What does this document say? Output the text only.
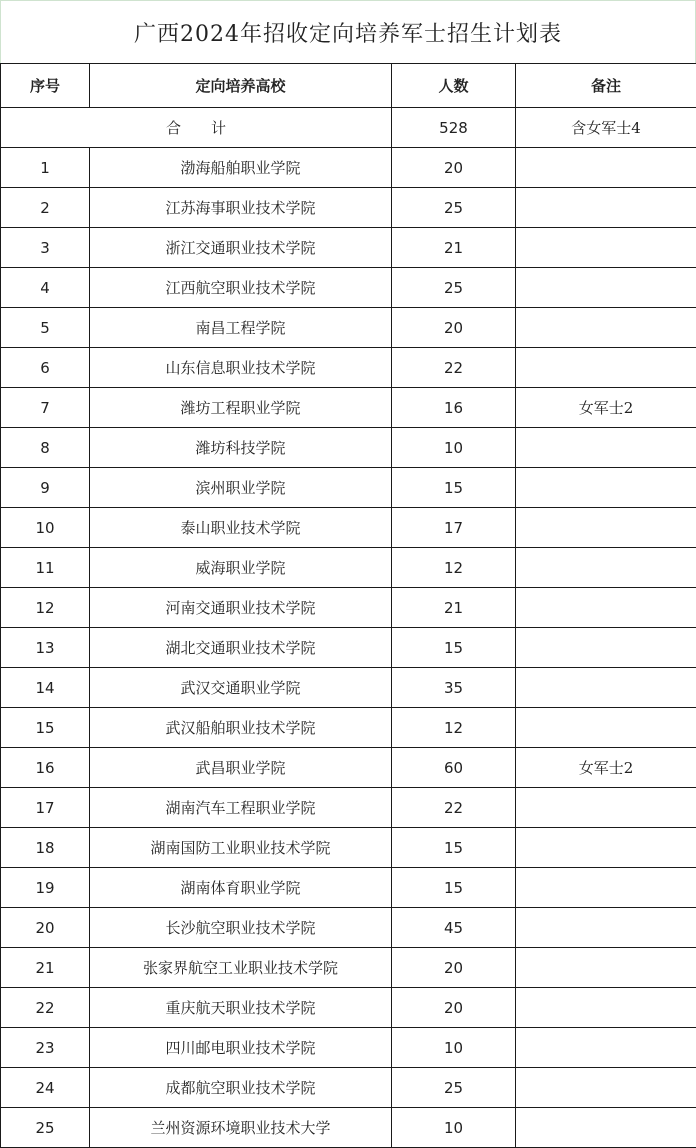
广西2024年招收定向培养军士招生计划表
序号	定向培养高校	人数	备注
合　　计		528	含女军士4
1	渤海船舶职业学院	20	
2	江苏海事职业技术学院	25	
3	浙江交通职业技术学院	21	
4	江西航空职业技术学院	25	
5	南昌工程学院	20	
6	山东信息职业技术学院	22	
7	潍坊工程职业学院	16	女军士2
8	潍坊科技学院	10	
9	滨州职业学院	15	
10	泰山职业技术学院	17	
11	威海职业学院	12	
12	河南交通职业技术学院	21	
13	湖北交通职业技术学院	15	
14	武汉交通职业学院	35	
15	武汉船舶职业技术学院	12	
16	武昌职业学院	60	女军士2
17	湖南汽车工程职业学院	22	
18	湖南国防工业职业技术学院	15	
19	湖南体育职业学院	15	
20	长沙航空职业技术学院	45	
21	张家界航空工业职业技术学院	20	
22	重庆航天职业技术学院	20	
23	四川邮电职业技术学院	10	
24	成都航空职业技术学院	25	
25	兰州资源环境职业技术大学	10	
